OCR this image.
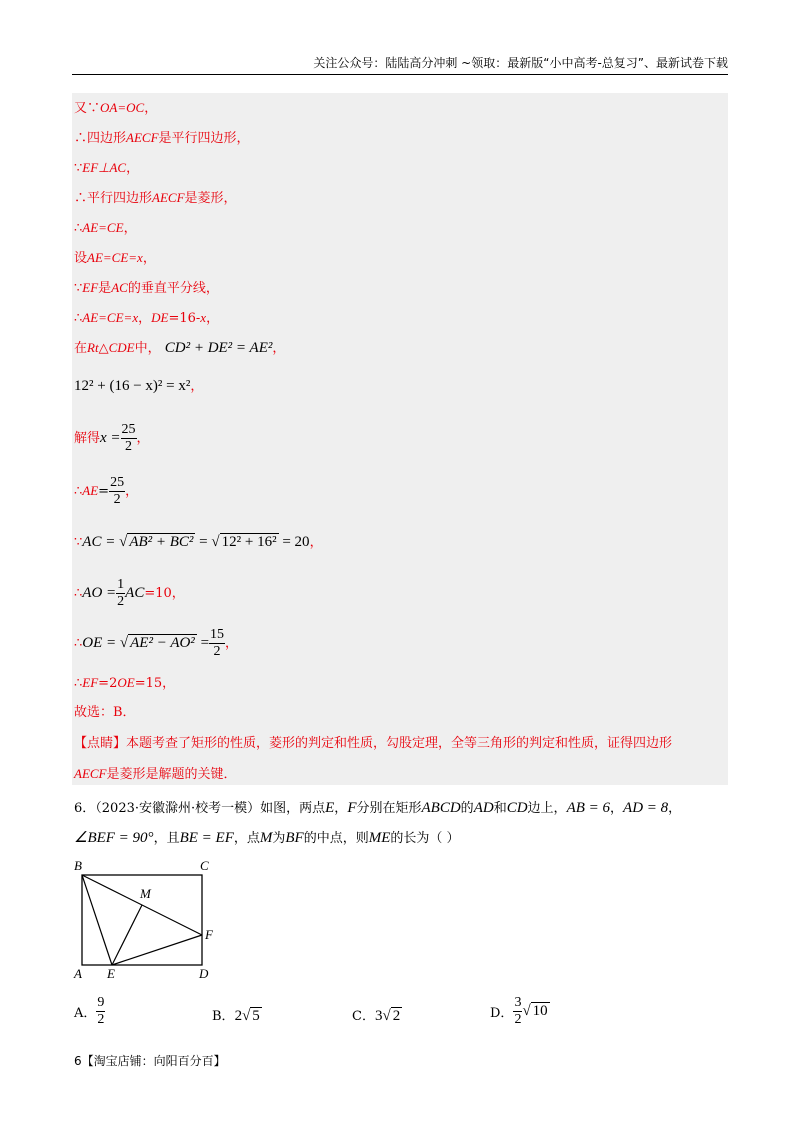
关注公众号：陆陆高分冲刺 ~领取：最新版“小中高考-总复习”、最新试卷下载
又∵OA=OC，
∴四边形AECF是平行四边形，
∵EF⊥AC，
∴平行四边形AECF是菱形，
∴AE=CE，
设AE=CE=x，
∵EF是AC的垂直平分线，
∴AE=CE=x，DE=16-x，
在Rt△CDE中， CD² + DE² = AE²，
12² + (16 − x)² = x²，
解得$x = \frac{25}{2}$ ，
∴AE= $\frac{25}{2}$ ，
∵AC = √ AB² + BC² = √ 12² + 16² = 20，
∴AO = $\frac{1}{2} AC=10$，
∴OE = √ $AE^2 - AO^2 = \frac{15}{2}$ ，
∴EF=2OE=15，
故选：B．
【点睛】本题考查了矩形的性质，菱形的判定和性质，勾股定理，全等三角形的判定和性质，证得四边形
AECF是菱形是解题的关键．
6．（2023·安徽滁州·校考一模）如图，两点E，F分别在矩形ABCD的AD和CD边上，AB = 6，AD = 8，
∠BEF = 90°，且BE = EF，点M为BF的中点，则ME的长为（ ）
B	C
M
F
A E	D
A． $\frac{9}{2}$	B．2√ 5	C．3√ 2	D． $\frac{3}{2}$ √ 10
6【淘宝店铺：向阳百分百】
